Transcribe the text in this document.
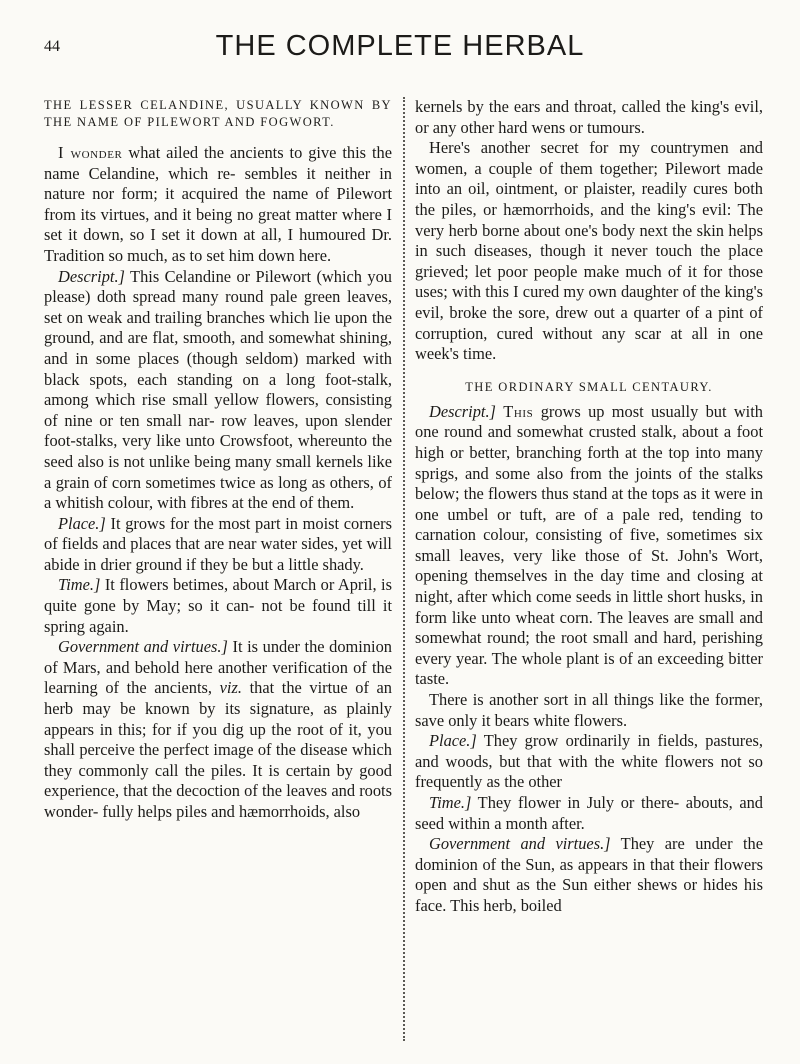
44	THE COMPLETE HERBAL

THE LESSER CELANDINE, USUALLY KNOWN BY THE NAME OF PILEWORT AND FOGWORT.

I wonder what ailed the ancients to give this the name Celandine, which re- sembles it neither in nature nor form; it acquired the name of Pilewort from its virtues, and it being no great matter where I set it down, so I set it down at all, I humoured Dr. Tradition so much, as to set him down here.

Descript.] This Celandine or Pilewort (which you please) doth spread many round pale green leaves, set on weak and trailing branches which lie upon the ground, and are flat, smooth, and somewhat shining, and in some places (though seldom) marked with black spots, each standing on a long foot-stalk, among which rise small yellow flowers, consisting of nine or ten small nar- row leaves, upon slender foot-stalks, very like unto Crowsfoot, whereunto the seed also is not unlike being many small kernels like a grain of corn sometimes twice as long as others, of a whitish colour, with fibres at the end of them.

Place.] It grows for the most part in moist corners of fields and places that are near water sides, yet will abide in drier ground if they be but a little shady.

Time.] It flowers betimes, about March or April, is quite gone by May; so it can- not be found till it spring again.

Government and virtues.] It is under the dominion of Mars, and behold here another verification of the learning of the ancients, viz. that the virtue of an herb may be known by its signature, as plainly appears in this; for if you dig up the root of it, you shall perceive the perfect image of the disease which they commonly call the piles. It is certain by good experience, that the decoction of the leaves and roots wonder- fully helps piles and hæmorrhoids, also

kernels by the ears and throat, called the king's evil, or any other hard wens or tumours.

Here's another secret for my countrymen and women, a couple of them together; Pilewort made into an oil, ointment, or plaister, readily cures both the piles, or hæmorrhoids, and the king's evil: The very herb borne about one's body next the skin helps in such diseases, though it never touch the place grieved; let poor people make much of it for those uses; with this I cured my own daughter of the king's evil, broke the sore, drew out a quarter of a pint of corruption, cured without any scar at all in one week's time.

THE ORDINARY SMALL CENTAURY.

Descript.] This grows up most usually but with one round and somewhat crusted stalk, about a foot high or better, branching forth at the top into many sprigs, and some also from the joints of the stalks below; the flowers thus stand at the tops as it were in one umbel or tuft, are of a pale red, tending to carnation colour, consisting of five, sometimes six small leaves, very like those of St. John's Wort, opening themselves in the day time and closing at night, after which come seeds in little short husks, in form like unto wheat corn. The leaves are small and somewhat round; the root small and hard, perishing every year. The whole plant is of an exceeding bitter taste.

There is another sort in all things like the former, save only it bears white flowers.

Place.] They grow ordinarily in fields, pastures, and woods, but that with the white flowers not so frequently as the other

Time.] They flower in July or there- abouts, and seed within a month after.

Government and virtues.] They are under the dominion of the Sun, as appears in that their flowers open and shut as the Sun either shews or hides his face. This herb, boiled
